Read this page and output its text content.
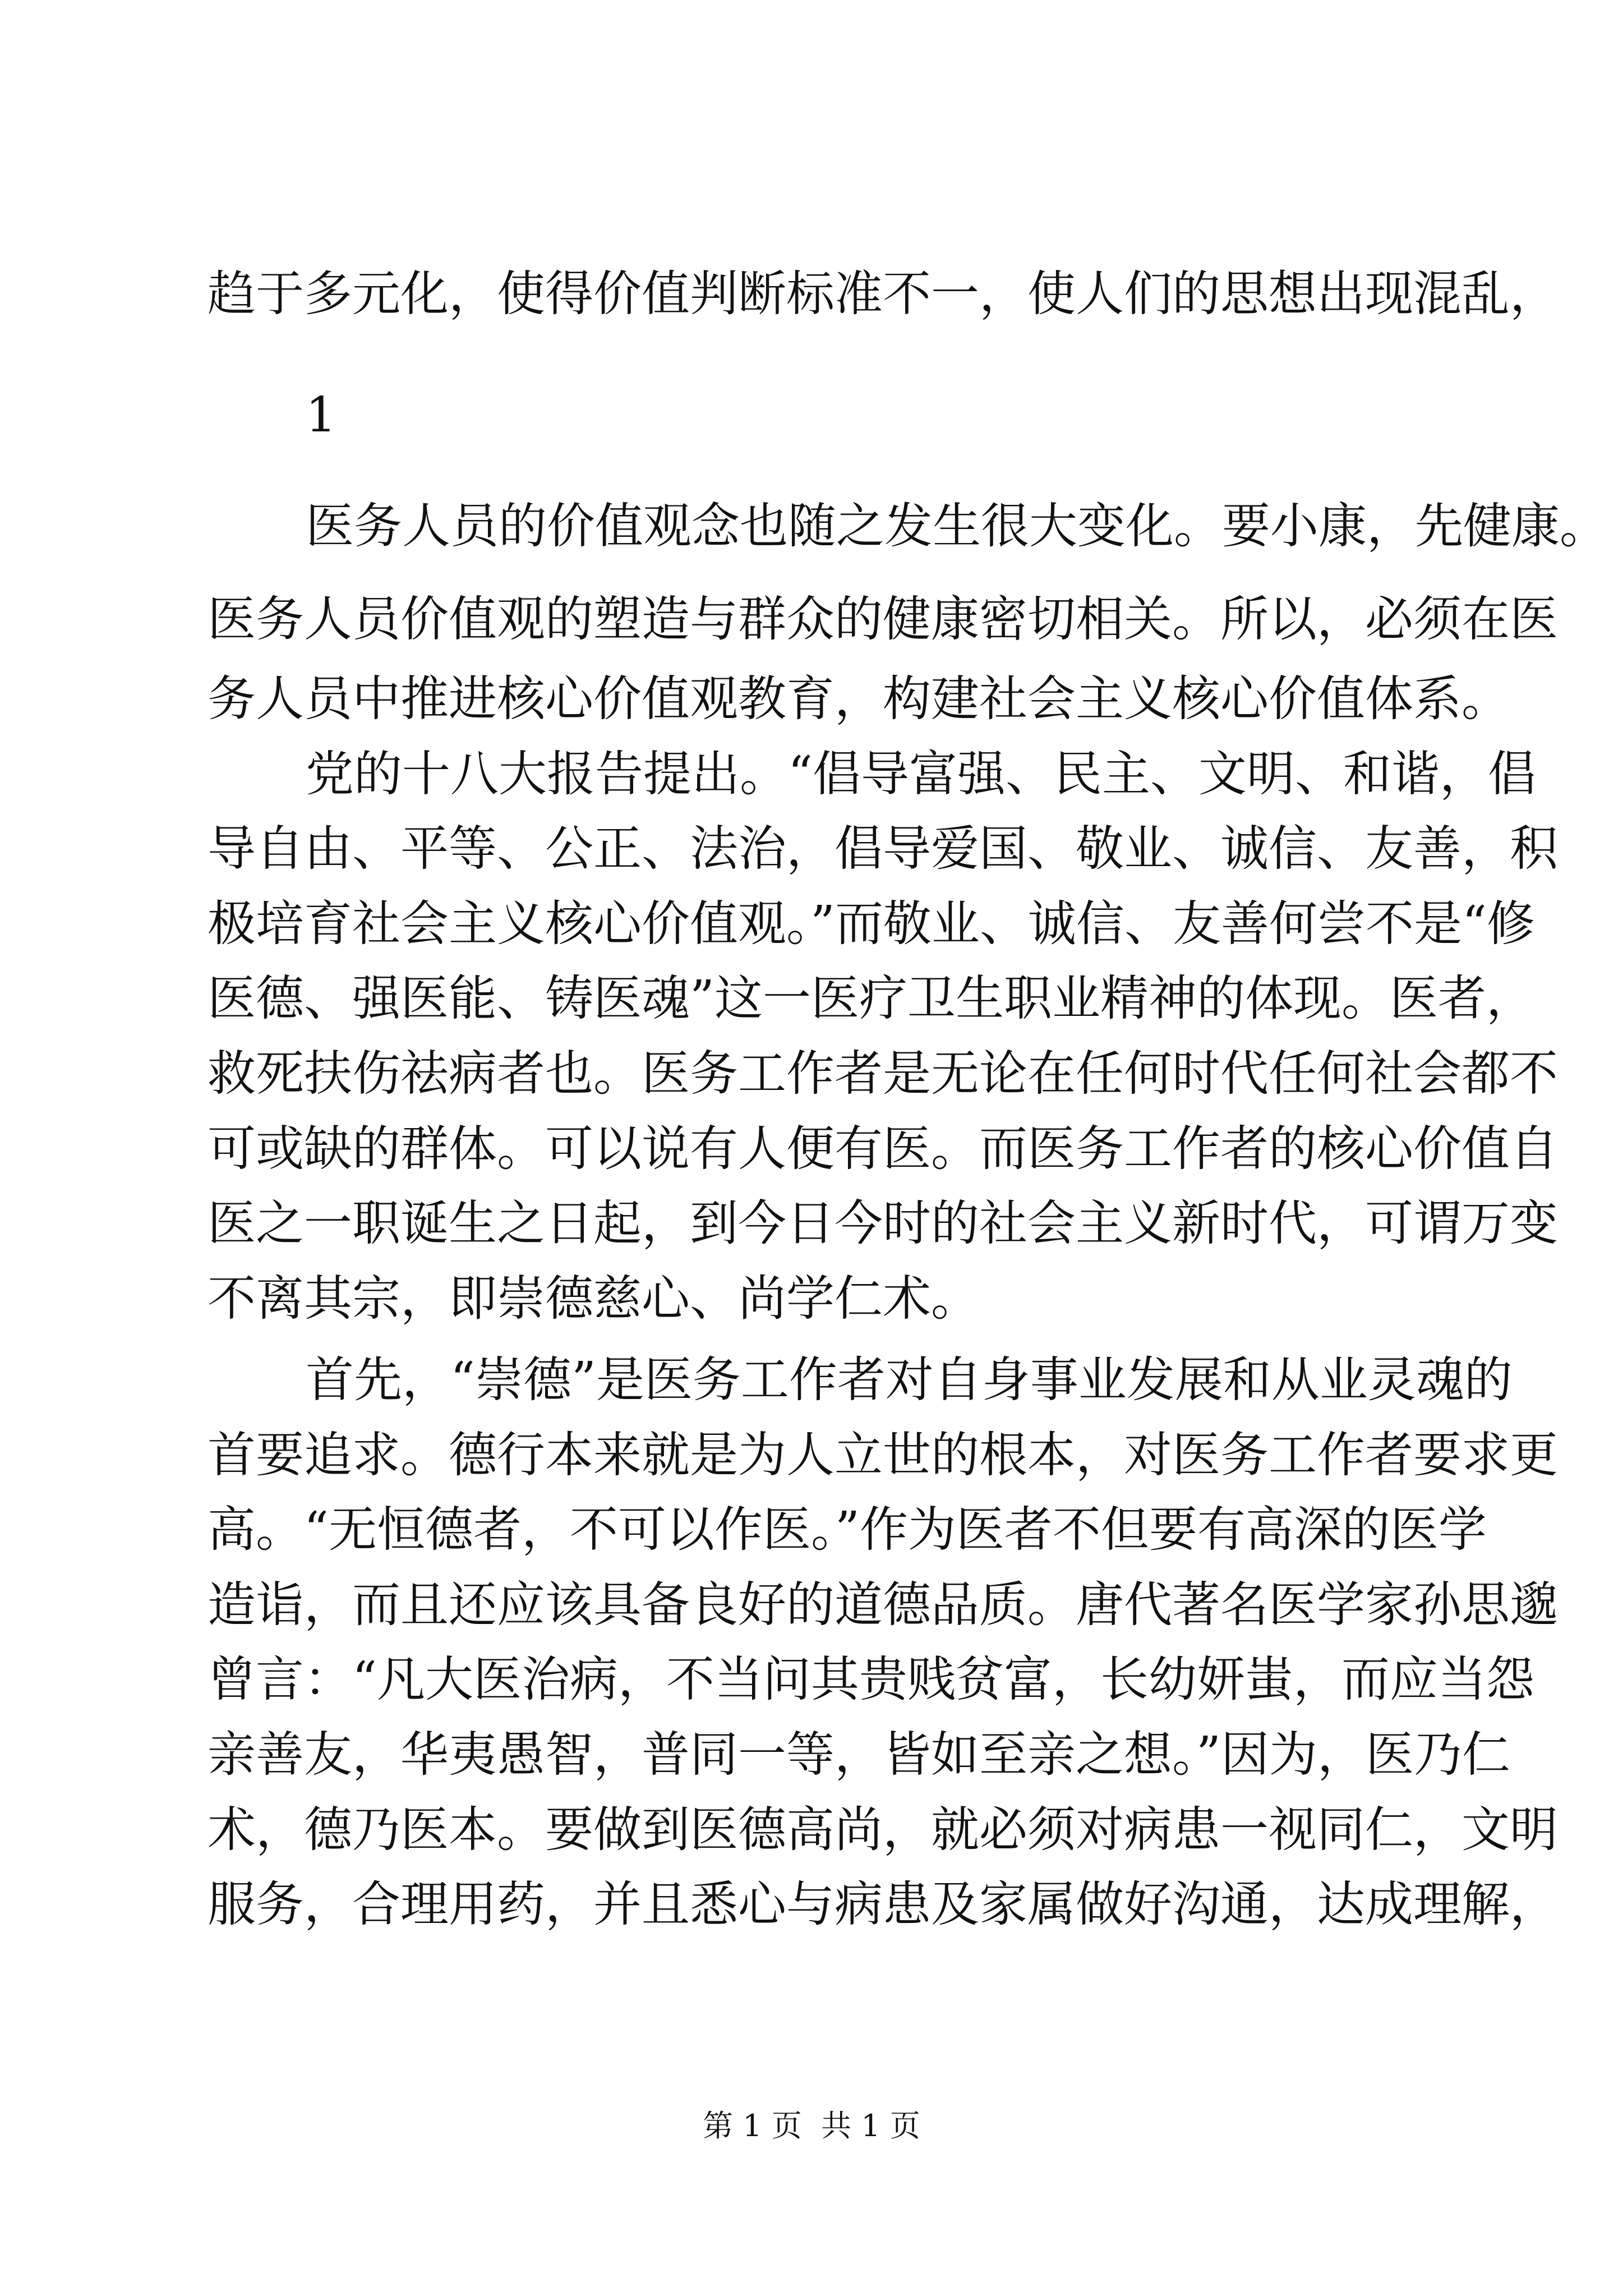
趋于多元化，使得价值判断标准不一，使人们的思想出现混乱，
1
医务人员的价值观念也随之发生很大变化。要小康，先健康。
医务人员价值观的塑造与群众的健康密切相关。所以，必须在医
务人员中推进核心价值观教育，构建社会主义核心价值体系。
党的十八大报告提出。“倡导富强、民主、文明、和谐，倡
导自由、平等、公正、法治，倡导爱国、敬业、诚信、友善，积
极培育社会主义核心价值观。”而敬业、诚信、友善何尝不是“修
医德、强医能、铸医魂”这一医疗卫生职业精神的体现。医者，
救死扶伤祛病者也。医务工作者是无论在任何时代任何社会都不
可或缺的群体。可以说有人便有医。而医务工作者的核心价值自
医之一职诞生之日起，到今日今时的社会主义新时代，可谓万变
不离其宗，即崇德慈心、尚学仁术。
首先，“崇德”是医务工作者对自身事业发展和从业灵魂的
首要追求。德行本来就是为人立世的根本，对医务工作者要求更
高。“无恒德者，不可以作医。”作为医者不但要有高深的医学
造诣，而且还应该具备良好的道德品质。唐代著名医学家孙思邈
曾言：“凡大医治病，不当问其贵贱贫富，长幼妍蚩，而应当怨
亲善友，华夷愚智，普同一等，皆如至亲之想。”因为，医乃仁
术，德乃医本。要做到医德高尚，就必须对病患一视同仁，文明
服务，合理用药，并且悉心与病患及家属做好沟通，达成理解，
第 1 页  共 1 页
